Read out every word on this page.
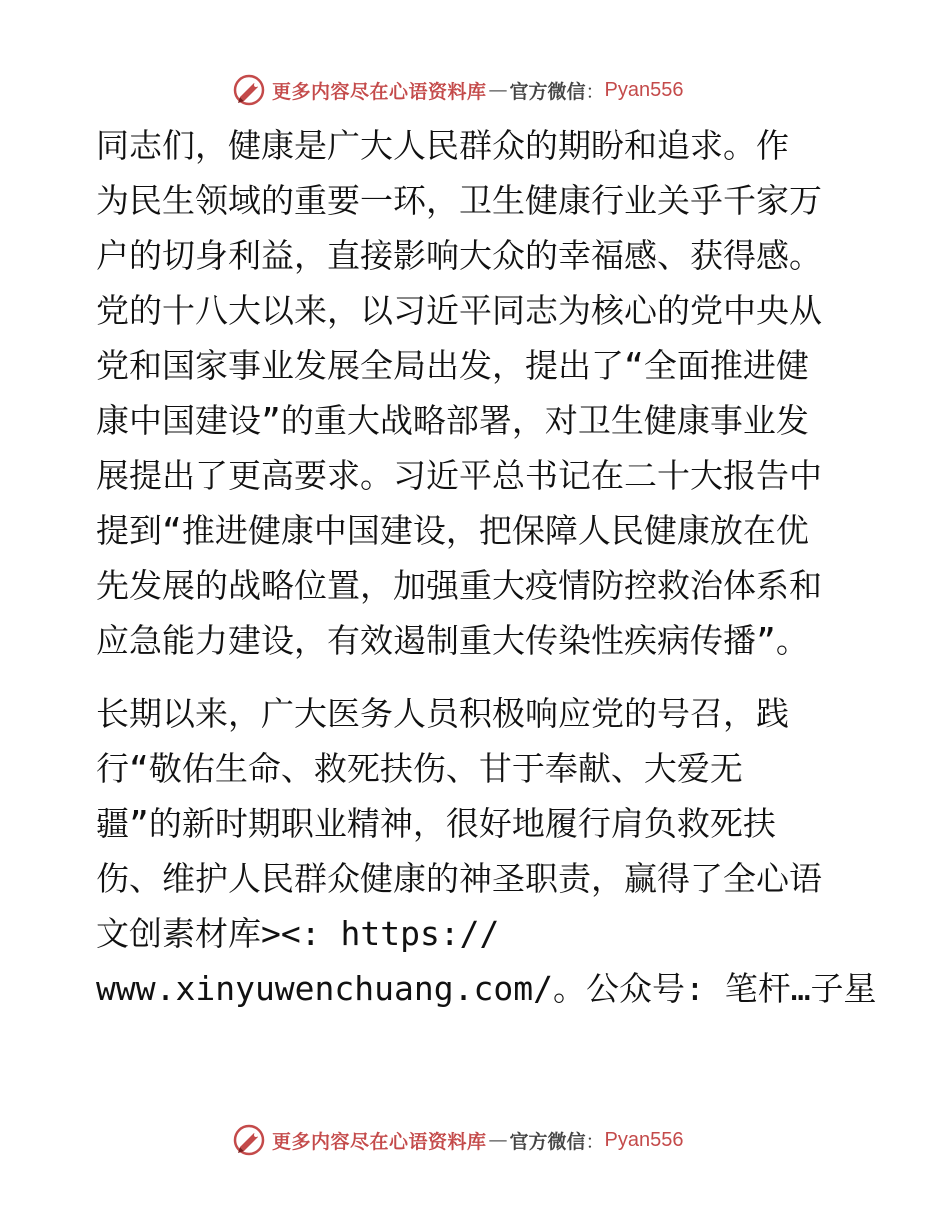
更多内容尽在心语资料库 — 官方微信 ： Pyan556
同志们，健康是广大人民群众的期盼和追求。作
为民生领域的重要一环，卫生健康行业关乎千家万
户的切身利益，直接影响大众的幸福感、获得感。
党的十八大以来，以习近平同志为核心的党中央从
党和国家事业发展全局出发，提出了“全面推进健
康中国建设”的重大战略部署，对卫生健康事业发
展提出了更高要求。习近平总书记在二十大报告中
提到“推进健康中国建设，把保障人民健康放在优
先发展的战略位置，加强重大疫情防控救治体系和
应急能力建设，有效遏制重大传染性疾病传播”。
长期以来，广大医务人员积极响应党的号召，践
行“敬佑生命、救死扶伤、甘于奉献、大爱无
疆”的新时期职业精神，很好地履行肩负救死扶
伤、维护人民群众健康的神圣职责，赢得了全心语
文创素材库><: https://
www.xinyuwenchuang.com/。公众号: 笔杆…子星
更多内容尽在心语资料库 — 官方微信 ： Pyan556
